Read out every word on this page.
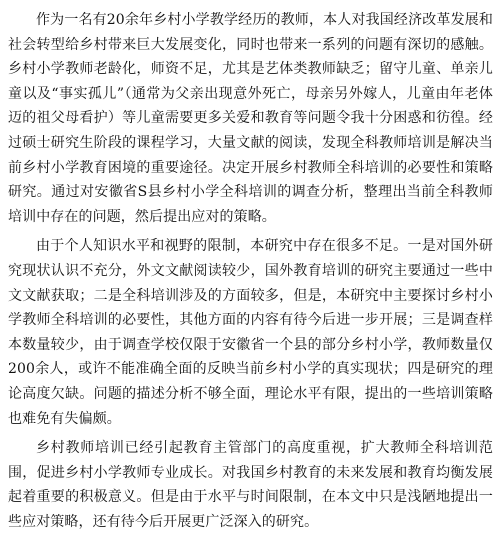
作为一名有20余年乡村小学教学经历的教师，本人对我国经济改革发展和社会转型给乡村带来巨大发展变化，同时也带来一系列的问题有深切的感触。乡村小学教师老龄化，师资不足，尤其是艺体类教师缺乏；留守儿童、单亲儿童以及“事实孤儿”（通常为父亲出现意外死亡，母亲另外嫁人，儿童由年老体迈的祖父母看护）等儿童需要更多关爱和教育等问题令我十分困惑和彷徨。经过硕士研究生阶段的课程学习，大量文献的阅读，发现全科教师培训是解决当前乡村小学教育困境的重要途径。决定开展乡村教师全科培训的必要性和策略研究。通过对安徽省S县乡村小学全科培训的调查分析，整理出当前全科教师培训中存在的问题，然后提出应对的策略。

由于个人知识水平和视野的限制，本研究中存在很多不足。一是对国外研究现状认识不充分，外文文献阅读较少，国外教育培训的研究主要通过一些中文文献获取；二是全科培训涉及的方面较多，但是，本研究中主要探讨乡村小学教师全科培训的必要性，其他方面的内容有待今后进一步开展；三是调查样本数量较少，由于调查学校仅限于安徽省一个县的部分乡村小学，教师数量仅200余人，或许不能准确全面的反映当前乡村小学的真实现状；四是研究的理论高度欠缺。问题的描述分析不够全面，理论水平有限，提出的一些培训策略也难免有失偏颇。

乡村教师培训已经引起教育主管部门的高度重视，扩大教师全科培训范围，促进乡村小学教师专业成长。对我国乡村教育的未来发展和教育均衡发展起着重要的积极意义。但是由于水平与时间限制，在本文中只是浅陋地提出一些应对策略，还有待今后开展更广泛深入的研究。
